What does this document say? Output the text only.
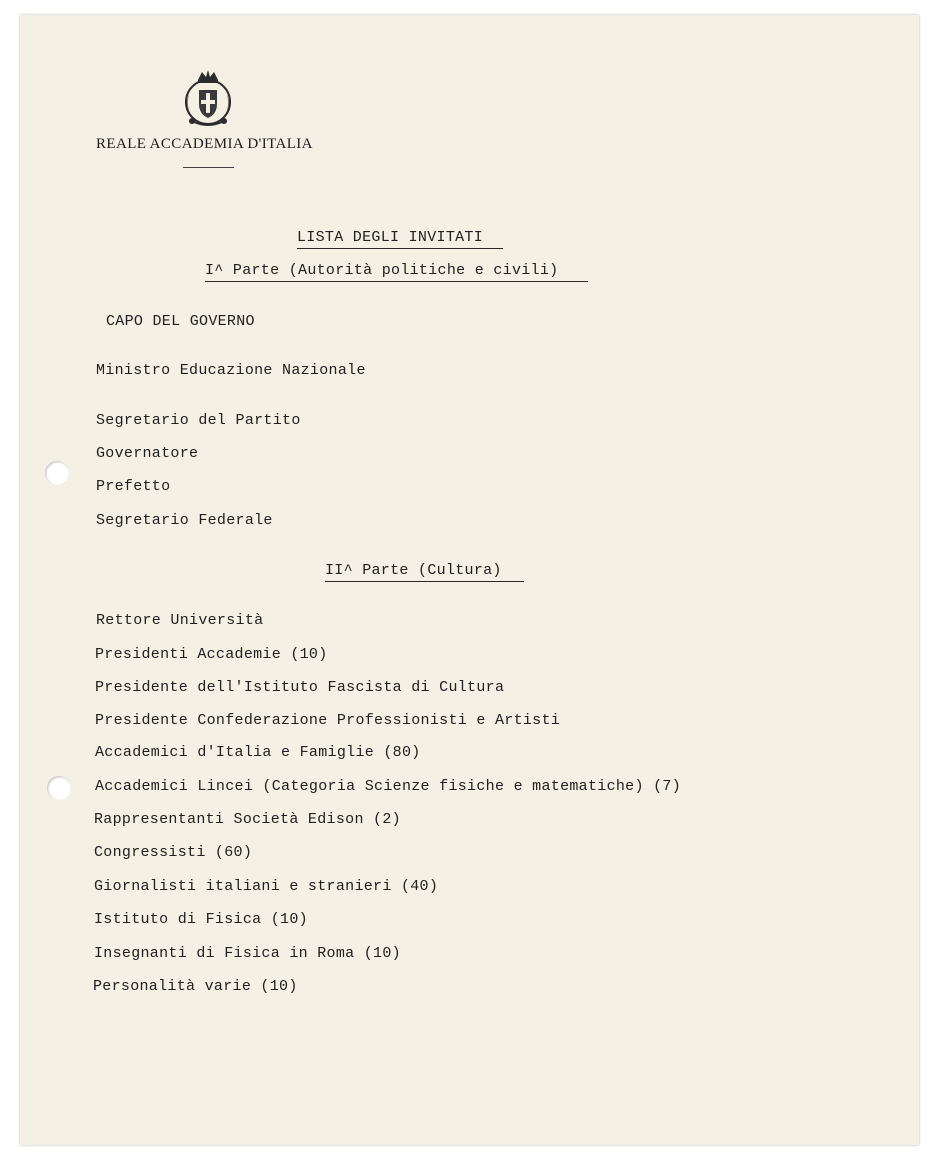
REALE ACCADEMIA D'ITALIA
LISTA DEGLI INVITATI
I^ Parte (Autorità politiche e civili)
CAPO DEL GOVERNO
Ministro Educazione Nazionale
Segretario del Partito
Governatore
Prefetto
Segretario Federale
II^ Parte (Cultura)
Rettore Università
Presidenti Accademie (10)
Presidente dell'Istituto Fascista di Cultura
Presidente Confederazione Professionisti e Artisti
Accademici d'Italia e Famiglie (80)
Accademici Lincei (Categoria Scienze fisiche e matematiche) (7)
Rappresentanti Società Edison (2)
Congressisti (60)
Giornalisti italiani e stranieri (40)
Istituto di Fisica (10)
Insegnanti di Fisica in Roma (10)
Personalità varie (10)
